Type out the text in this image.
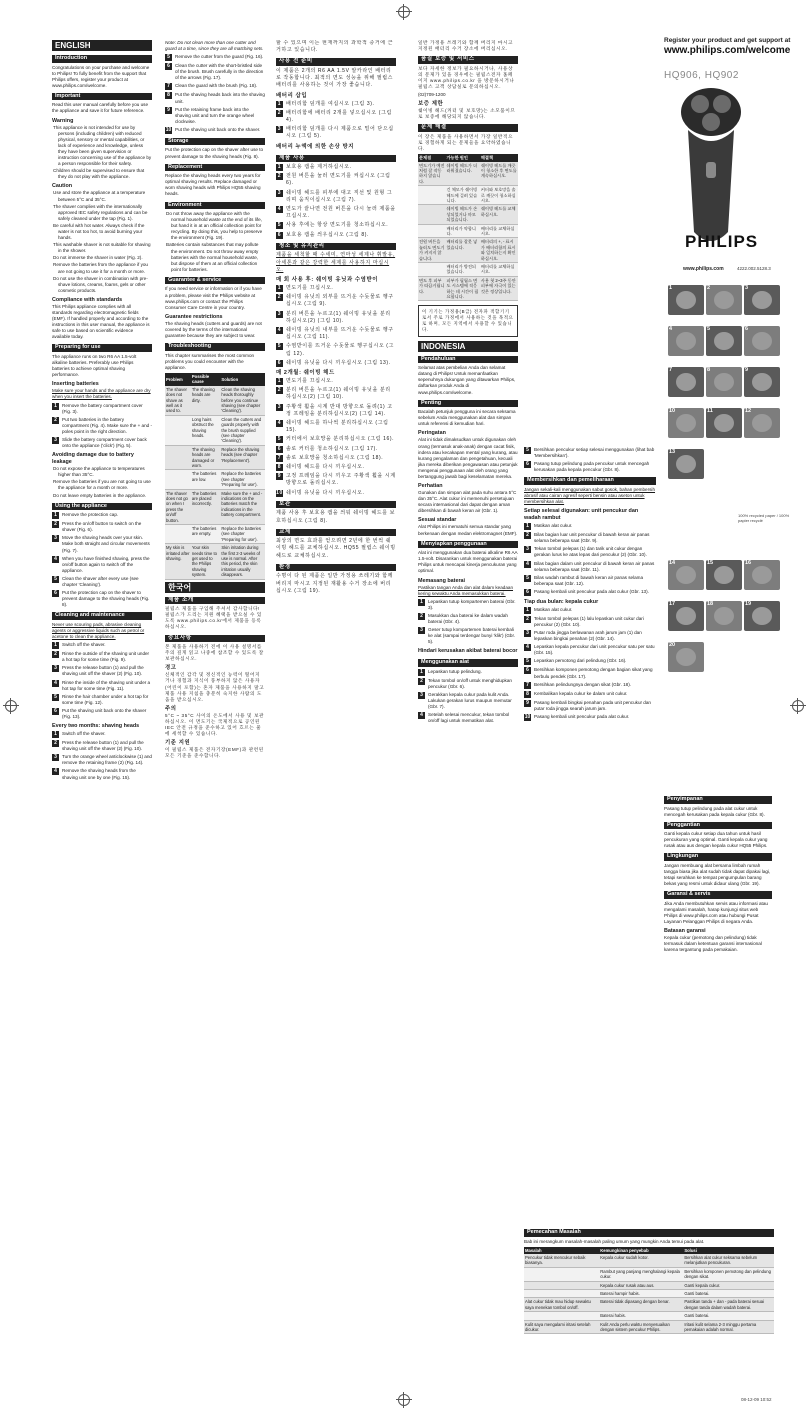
ENGLISH
Introduction
Congratulations on your purchase and welcome to Philips! To fully benefit from the support that Philips offers, register your product at www.philips.com/welcome.
Important
Read this user manual carefully before you use the appliance and save it for future reference.
Warning
This appliance is not intended for use by persons (including children) with reduced physical, sensory or mental capabilities, or lack of experience and knowledge, unless they have been given supervision or instruction concerning use of the appliance by a person responsible for their safety.
Children should be supervised to ensure that they do not play with the appliance.
Caution
Use and store the appliance at a temperature between 5°C and 35°C.
The shaver complies with the internationally approved IEC safety regulations and can be safely cleaned under the tap (Fig. 1).
Be careful with hot water. Always check if the water is not too hot, to avoid burning your hands.
This washable shaver is not suitable for shaving in the shower.
Do not immerse the shaver in water (Fig. 2).
Remove the batteries from the appliance if you are not going to use it for a month or more.
Do not use the shaver in combination with pre-shave lotions, creams, foams, gels or other cosmetic products.
Compliance with standards
This Philips appliance complies with all standards regarding electromagnetic fields (EMF). If handled properly and according to the instructions in this user manual, the appliance is safe to use based on scientific evidence available today.
Preparing for use
The appliance runs on two R6 AA 1.5-volt alkaline batteries. Preferably use Philips batteries to achieve optimal shaving performance.
Inserting batteries
Make sure your hands and the appliance are dry when you insert the batteries.
1	Remove the battery compartment cover (Fig. 3).
2	Put two batteries in the battery compartment (Fig. 4). Make sure the + and - poles point in the right direction.
3	Slide the battery compartment cover back onto the appliance ('click') (Fig. 5).
Avoiding damage due to battery leakage
Do not expose the appliance to temperatures higher than 35°C.
Remove the batteries if you are not going to use the appliance for a month or more.
Do not leave empty batteries in the appliance.
Using the appliance
1	Remove the protection cap.
2	Press the on/off button to switch on the shaver (Fig. 6).
3	Move the shaving heads over your skin. Make both straight and circular movements (Fig. 7).
4	When you have finished shaving, press the on/off button again to switch off the appliance.
5	Clean the shaver after every use (see chapter 'Cleaning').
6	Put the protection cap on the shaver to prevent damage to the shaving heads (Fig. 8).
Cleaning and maintenance
Never use scouring pads, abrasive cleaning agents or aggressive liquids such as petrol or acetone to clean the appliance.
1	Switch off the shaver.
2	Rinse the outside of the shaving unit under a hot tap for some time (Fig. 9).
3	Press the release button (1) and pull the shaving unit off the shaver (2) (Fig. 10).
4	Rinse the inside of the shaving unit under a hot tap for some time (Fig. 11).
5	Rinse the hair chamber under a hot tap for some time (Fig. 12).
6	Put the shaving unit back onto the shaver (Fig. 13).
Every two months: shaving heads
1	Switch off the shaver.
2	Press the release button (1) and pull the shaving unit off the shaver (2) (Fig. 10).
3	Turn the orange wheel anticlockwise (1) and remove the retaining frame (2) (Fig. 14).
4	Remove the shaving heads from the shaving unit one by one (Fig. 15).
Note: Do not clean more than one cutter and guard at a time, since they are all matching sets.
5	Remove the cutter from the guard (Fig. 16).
6	Clean the cutter with the short-bristled side of the brush. Brush carefully in the direction of the arrows (Fig. 17).
7	Clean the guard with the brush (Fig. 18).
8	Put the shaving heads back into the shaving unit.
9	Put the retaining frame back into the shaving unit and turn the orange wheel clockwise.
10 Put the shaving unit back onto the shaver.
Storage
Put the protection cap on the shaver after use to prevent damage to the shaving heads (Fig. 8).
Replacement
Replace the shaving heads every two years for optimal shaving results. Replace damaged or worn shaving heads with Philips HQ55 shaving heads.
Environment
Do not throw away the appliance with the normal household waste at the end of its life, but hand it in at an official collection point for recycling. By doing this, you help to preserve the environment (Fig. 19).
Batteries contain substances that may pollute the environment. Do not throw away empty batteries with the normal household waste, but dispose of them at an official collection point for batteries.
Guarantee & service
If you need service or information or if you have a problem, please visit the Philips website at www.philips.com or contact the Philips Consumer Care Centre in your country.
Guarantee restrictions
The shaving heads (cutters and guards) are not covered by the terms of the international guarantee because they are subject to wear.
Troubleshooting
This chapter summarises the most common problems you could encounter with the appliance.
Problem	Possible cause	Solution
The shaver does not shave as well as it used to.	The shaving heads are dirty.	Clean the shaving heads thoroughly before you continue shaving (see chapter 'Cleaning').
	Long hairs obstruct the shaving heads.	Clean the cutters and guards properly with the brush supplied (see chapter 'Cleaning').
	The shaving heads are damaged or worn.	Replace the shaving heads (see chapter 'Replacement').
	The batteries are low.	Replace the batteries (see chapter 'Preparing for use').
The shaver does not go on when I press the on/off button.	The batteries are placed incorrectly.	Make sure the + and - indications on the batteries match the indications in the battery compartment.
	The batteries are empty.	Replace the batteries (see chapter 'Preparing for use').
My skin is irritated after shaving.	Your skin needs time to get used to the Philips shaving system.	Skin irritation during the first 2-3 weeks of use is normal. After this period, the skin irritation usually disappears.
한국어
제품 소개
필립스 제품을 구입해 주셔서 감사합니다! 필립스가 드리는 지원 혜택을 받으실 수 있도록 www.philips.co.kr에서 제품을 등록하십시오.
중요사항
본 제품을 사용하기 전에 이 사용 설명서를 주의 깊게 읽고 나중에 참조할 수 있도록 잘 보관하십시오.
경고
신체적인 감각 및 정신적인 능력이 떨어지거나 경험과 지식이 풍부하지 않은 사용자(어린이 포함)는 혼자 제품을 사용하지 말고 제품 사용 지침을 충분히 숙지한 사람의 도움을 받으십시오.
주의
5°C ~ 35°C 사이의 온도에서 사용 및 보관하십시오. 이 면도기는 국제적으로 공인된 IEC 안전 규정을 준수하고 있어 흐르는 물에 세척할 수 있습니다.
기준 지원
이 필립스 제품은 전자기장(EMF)과 관련된 모든 기준을 준수합니다.
할 수 있으며 이는 현재까지의 과학적 증거에 근거하고 있습니다.
사용 전 준비
이 제품은 2개의 R6 AA 1.5V 알카라인 배터리로 작동합니다. 최적의 면도 성능을 위해 필립스 배터리를 사용하는 것이 가장 좋습니다.
배터리 삽입
1 배터리함 덮개를 여십시오 (그림 3).
2 배터리함에 배터리 2개를 넣으십시오 (그림 4).
3 배터리함 덮개를 다시 제품으로 밀어 닫으십시오 (그림 5).
배터리 누액에 의한 손상 방지
제품 사용
1 보호용 캡을 제거하십시오.
2 전원 버튼을 눌러 면도기를 켜십시오 (그림 6).
3 쉐이빙 헤드를 피부에 대고 직선 및 원형 그리며 움직이십시오 (그림 7).
4 면도가 끝나면 전원 버튼을 다시 눌러 제품을 끄십시오.
5 사용 후에는 항상 면도기를 청소하십시오.
6 보호용 캡을 씌우십시오 (그림 8).
청소 및 유지관리
제품을 세척할 때 수세미, 연마성 세제나 휘발유, 아세톤과 같은 강력한 세제를 사용하지 마십시오.
매 회 사용 후: 쉐이빙 유닛과 수염받이
1 면도기를 끄십시오.
2 쉐이빙 유닛의 외부를 뜨거운 수돗물로 헹구십시오 (그림 9).
3 분리 버튼을 누르고(1) 쉐이빙 유닛을 분리하십시오(2) (그림 10).
4 쉐이빙 유닛의 내부를 뜨거운 수돗물로 헹구십시오 (그림 11).
5 수염받이를 뜨거운 수돗물로 헹구십시오 (그림 12).
6 쉐이빙 유닛을 다시 끼우십시오 (그림 13).
매 2개월: 쉐이빙 헤드
1 면도기를 끄십시오.
2 분리 버튼을 누르고(1) 쉐이빙 유닛을 분리하십시오(2) (그림 10).
3 주황색 휠을 시계 반대 방향으로 돌려(1) 고정 프레임을 분리하십시오(2) (그림 14).
4 쉐이빙 헤드를 하나씩 분리하십시오 (그림 15).
5 커터에서 보호망을 분리하십시오 (그림 16).
6 솔로 커터를 청소하십시오 (그림 17).
7 솔로 보호망을 청소하십시오 (그림 18).
8 쉐이빙 헤드를 다시 끼우십시오.
9 고정 프레임을 다시 끼우고 주황색 휠을 시계 방향으로 돌리십시오.
10 쉐이빙 유닛을 다시 끼우십시오.
보관
제품 사용 후 보호용 캡을 씌워 쉐이빙 헤드를 보호하십시오 (그림 8).
교체
최상의 면도 효과를 얻으려면 2년에 한 번씩 쉐이빙 헤드를 교체하십시오. HQ55 필립스 쉐이빙 헤드로 교체하십시오.
환경
수명이 다 된 제품은 일반 가정용 쓰레기와 함께 버리지 마시고 지정된 재활용 수거 장소에 버리십시오 (그림 19).
일반 가정용 쓰레기와 함께 버리지 마시고 지정된 배터리 수거 장소에 버리십시오.
품질 보증 및 서비스
보다 자세한 정보가 필요하시거나, 사용상의 문제가 있을 경우에는 필립스전자 홈페이지 www.philips.co.kr 을 방문하시거나 필립스 고객 상담실로 문의하십시오.
(02)709-1200
보증 제한
쉐이빙 헤드(커터 및 보호망)는 소모품이므로 보증에 해당되지 않습니다.
문제 해결
이 장은 제품을 사용하면서 가장 일반적으로 경험하게 되는 문제들을 요약하였습니다.
문제점	가능한 원인	해결책
면도기가 예전처럼 잘 작동하지 않습니다.	쉐이빙 헤드가 더러워졌습니다.	쉐이빙 헤드를 깨끗이 청소한 후 면도를 계속하십시오.
	긴 체모가 쉐이빙 헤드에 걸려 있습니다.	커터와 보호망을 솔로 깨끗이 청소하십시오.
	쉐이빙 헤드가 손상되었거나 마모되었습니다.	쉐이빙 헤드를 교체하십시오.
	배터리가 약합니다.	배터리를 교체하십시오.
전원 버튼을 눌러도 면도기가 켜지지 않습니다.	배터리를 잘못 넣었습니다.	배터리의 +, - 표시가 배터리함의 표시와 일치하는지 확인하십시오.
	배터리가 방전되었습니다.	배터리를 교체하십시오.
면도 후 피부가 따끔거립니다.	피부가 필립스 면도 시스템에 적응하는 데 시간이 필요합니다.	사용 첫 2~3주 동안 피부에 자극이 있는 것은 정상입니다.
이 기기는 가정용(B급) 전자파 적합기기로서 주로 가정에서 사용하는 것을 목적으로 하며, 모든 지역에서 사용할 수 있습니다.
INDONESIA
Pendahuluan
Selamat atas pembelian Anda dan selamat datang di Philips! Untuk memanfaatkan sepenuhnya dukungan yang ditawarkan Philips, daftarkan produk Anda di www.philips.com/welcome.
Penting
Bacalah petunjuk pengguna ini secara seksama sebelum Anda menggunakan alat dan simpan untuk referensi di kemudian hari.
Peringatan
Alat ini tidak dimaksudkan untuk digunakan oleh orang (termasuk anak-anak) dengan cacat fisik, indera atau kecakapan mental yang kurang, atau kurang pengalaman dan pengetahuan, kecuali jika mereka diberikan pengawasan atau petunjuk mengenai penggunaan alat oleh orang yang bertanggung jawab bagi keselamatan mereka.
Perhatian
Gunakan dan simpan alat pada suhu antara 5°C dan 35°C. Alat cukur ini memenuhi persetujuan secara internasional dari dapat dengan aman dibersihkan di bawah keran air (Gbr. 1).
Sesuai standar
Alat Philips ini mematuhi semua standar yang berkenaan dengan medan elektromagnet (EMF).
Menyiapkan penggunaan
Alat ini menggunakan dua baterai alkaline R6 AA 1.5-volt. Disarankan untuk menggunakan baterai Philips untuk mencapai kinerja pencukuran yang optimal.
Memasang baterai
Pastikan tangan Anda dan alat dalam keadaan kering sewaktu Anda memasukkan baterai.
1	Lepaskan tutup kompartemen baterai (Gbr. 3).
2	Masukkan dua baterai ke dalam wadah baterai (Gbr. 4).
3	Geser tutup kompartemen baterai kembali ke alat (sampai terdengar bunyi 'klik') (Gbr. 5).
Hindari kerusakan akibat baterai bocor
Menggunakan alat
1	Lepaskan tutup pelindung.
2	Tekan tombol on/off untuk menghidupkan pencukur (Gbr. 6).
3	Gerakkan kepala cukur pada kulit Anda. Lakukan gerakan lurus maupun memutar (Gbr. 7).
4	Setelah selesai mencukur, tekan tombol on/off lagi untuk mematikan alat.
5	Bersihkan pencukur setiap selesai menggunakan (lihat bab 'Membersihkan').
6	Pasang tutup pelindung pada pencukur untuk mencegah kerusakan pada kepala pencukur (Gbr. 8).
Membersihkan dan pemeliharaan
Jangan sekali-kali menggunakan sabut gosok, bahan pembersih abrasif atau cairan agresif seperti bensin atau aseton untuk membersihkan alat.
Setiap selesai digunakan: unit pencukur dan wadah rambut
1	Matikan alat cukur.
2	Bilas bagian luar unit pencukur di bawah keran air panas selama beberapa saat (Gbr. 9).
3	Tekan tombol pelepas (1) dan tarik unit cukur dengan gerakan lurus ke atas lepas dari pencukur (2) (Gbr. 10).
4	Bilas bagian dalam unit pencukur di bawah keran air panas selama beberapa saat (Gbr. 11).
5	Bilas wadah rambut di bawah keran air panas selama beberapa saat (Gbr. 12).
6	Pasang kembali unit pencukur pada alat cukur (Gbr. 13).
Tiap dua bulan: kepala cukur
1	Matikan alat cukur.
2	Tekan tombol pelepas (1) lalu lepaskan unit cukur dari pencukur (2) (Gbr. 10).
3	Putar roda jingga berlawanan arah jarum jam (1) dan lepaskan bingkai penahan (2) (Gbr. 14).
4	Lepaskan kepala pencukur dari unit pencukur satu per satu (Gbr. 15).
5	Lepaskan pemotong dari pelindung (Gbr. 16).
6	Bersihkan komponen pemotong dengan bagian sikat yang berbulu pendek (Gbr. 17).
7	Bersihkan pelindungnya dengan sikat (Gbr. 18).
8	Kembalikan kepala cukur ke dalam unit cukur.
9	Pasang kembali bingkai penahan pada unit pencukur dan putar roda jingga searah jarum jam.
10 Pasang kembali unit pencukur pada alat cukur.
Penyimpanan
Pasang tutup pelindung pada alat cukur untuk mencegah kerusakan pada kepala cukur (Gbr. 8).
Penggantian
Ganti kepala cukur setiap dua tahun untuk hasil pencukuran yang optimal. Ganti kepala cukur yang rusak atau aus dengan kepala cukur HQ55 Philips.
Lingkungan
Jangan membuang alat bersama limbah rumah tangga biasa jika alat sudah tidak dapat dipakai lagi, tetapi serahkan ke tempat pengumpulan barang bekas yang resmi untuk didaur ulang (Gbr. 19).
Garansi & servis
Jika Anda membutuhkan servis atau informasi atau mengalami masalah, harap kunjungi situs web Philips di www.philips.com atau hubungi Pusat Layanan Pelanggan Philips di negara Anda.
Batasan garansi
Kepala cukur (pemotong dan pelindung) tidak termasuk dalam ketentuan garansi internasional karena tergantung pada pemakaian.
Pemecahan Masalah
Bab ini merangkum masalah-masalah paling umum yang mungkin Anda temui pada alat.
Masalah	Kemungkinan penyebab	Solusi
Pencukur tidak mencukur sebaik biasanya.	Kepala cukur sudah kotor.	Bersihkan alat cukur seksama sebelum melanjutkan pencukuran.
	Rambut yang panjang menghalangi kepala cukur.	Bersihkan komponen pemotong dan pelindung dengan sikat.
	Kepala cukur rusak atau aus.	Ganti kepala cukur.
	Baterai hampir habis.	Ganti baterai.
Alat cukur tidak mau hidup sewaktu saya menekan tombol on/off.	Baterai tidak dipasang dengan benar.	Pastikan tanda + dan - pada baterai sesuai dengan tanda dalam wadah baterai.
	Baterai habis.	Ganti baterai.
Kulit saya mengalami iritasi setelah dicukur.	Kulit Anda perlu waktu menyesuaikan dengan sistem pencukur Philips.	Iritasi kulit selama 2-3 minggu pertama pemakaian adalah normal.
Register your product and get support at
www.philips.com/welcome
HQ906, HQ902
PHILIPS
www.philips.com	4222.002.5128.3
1	2	3
4	5	6
7	8	9
10	11	12
13
14	15	16
17	18	19
20
100% recycled paper / 100% papier recyclé
08-12-09 10:52
